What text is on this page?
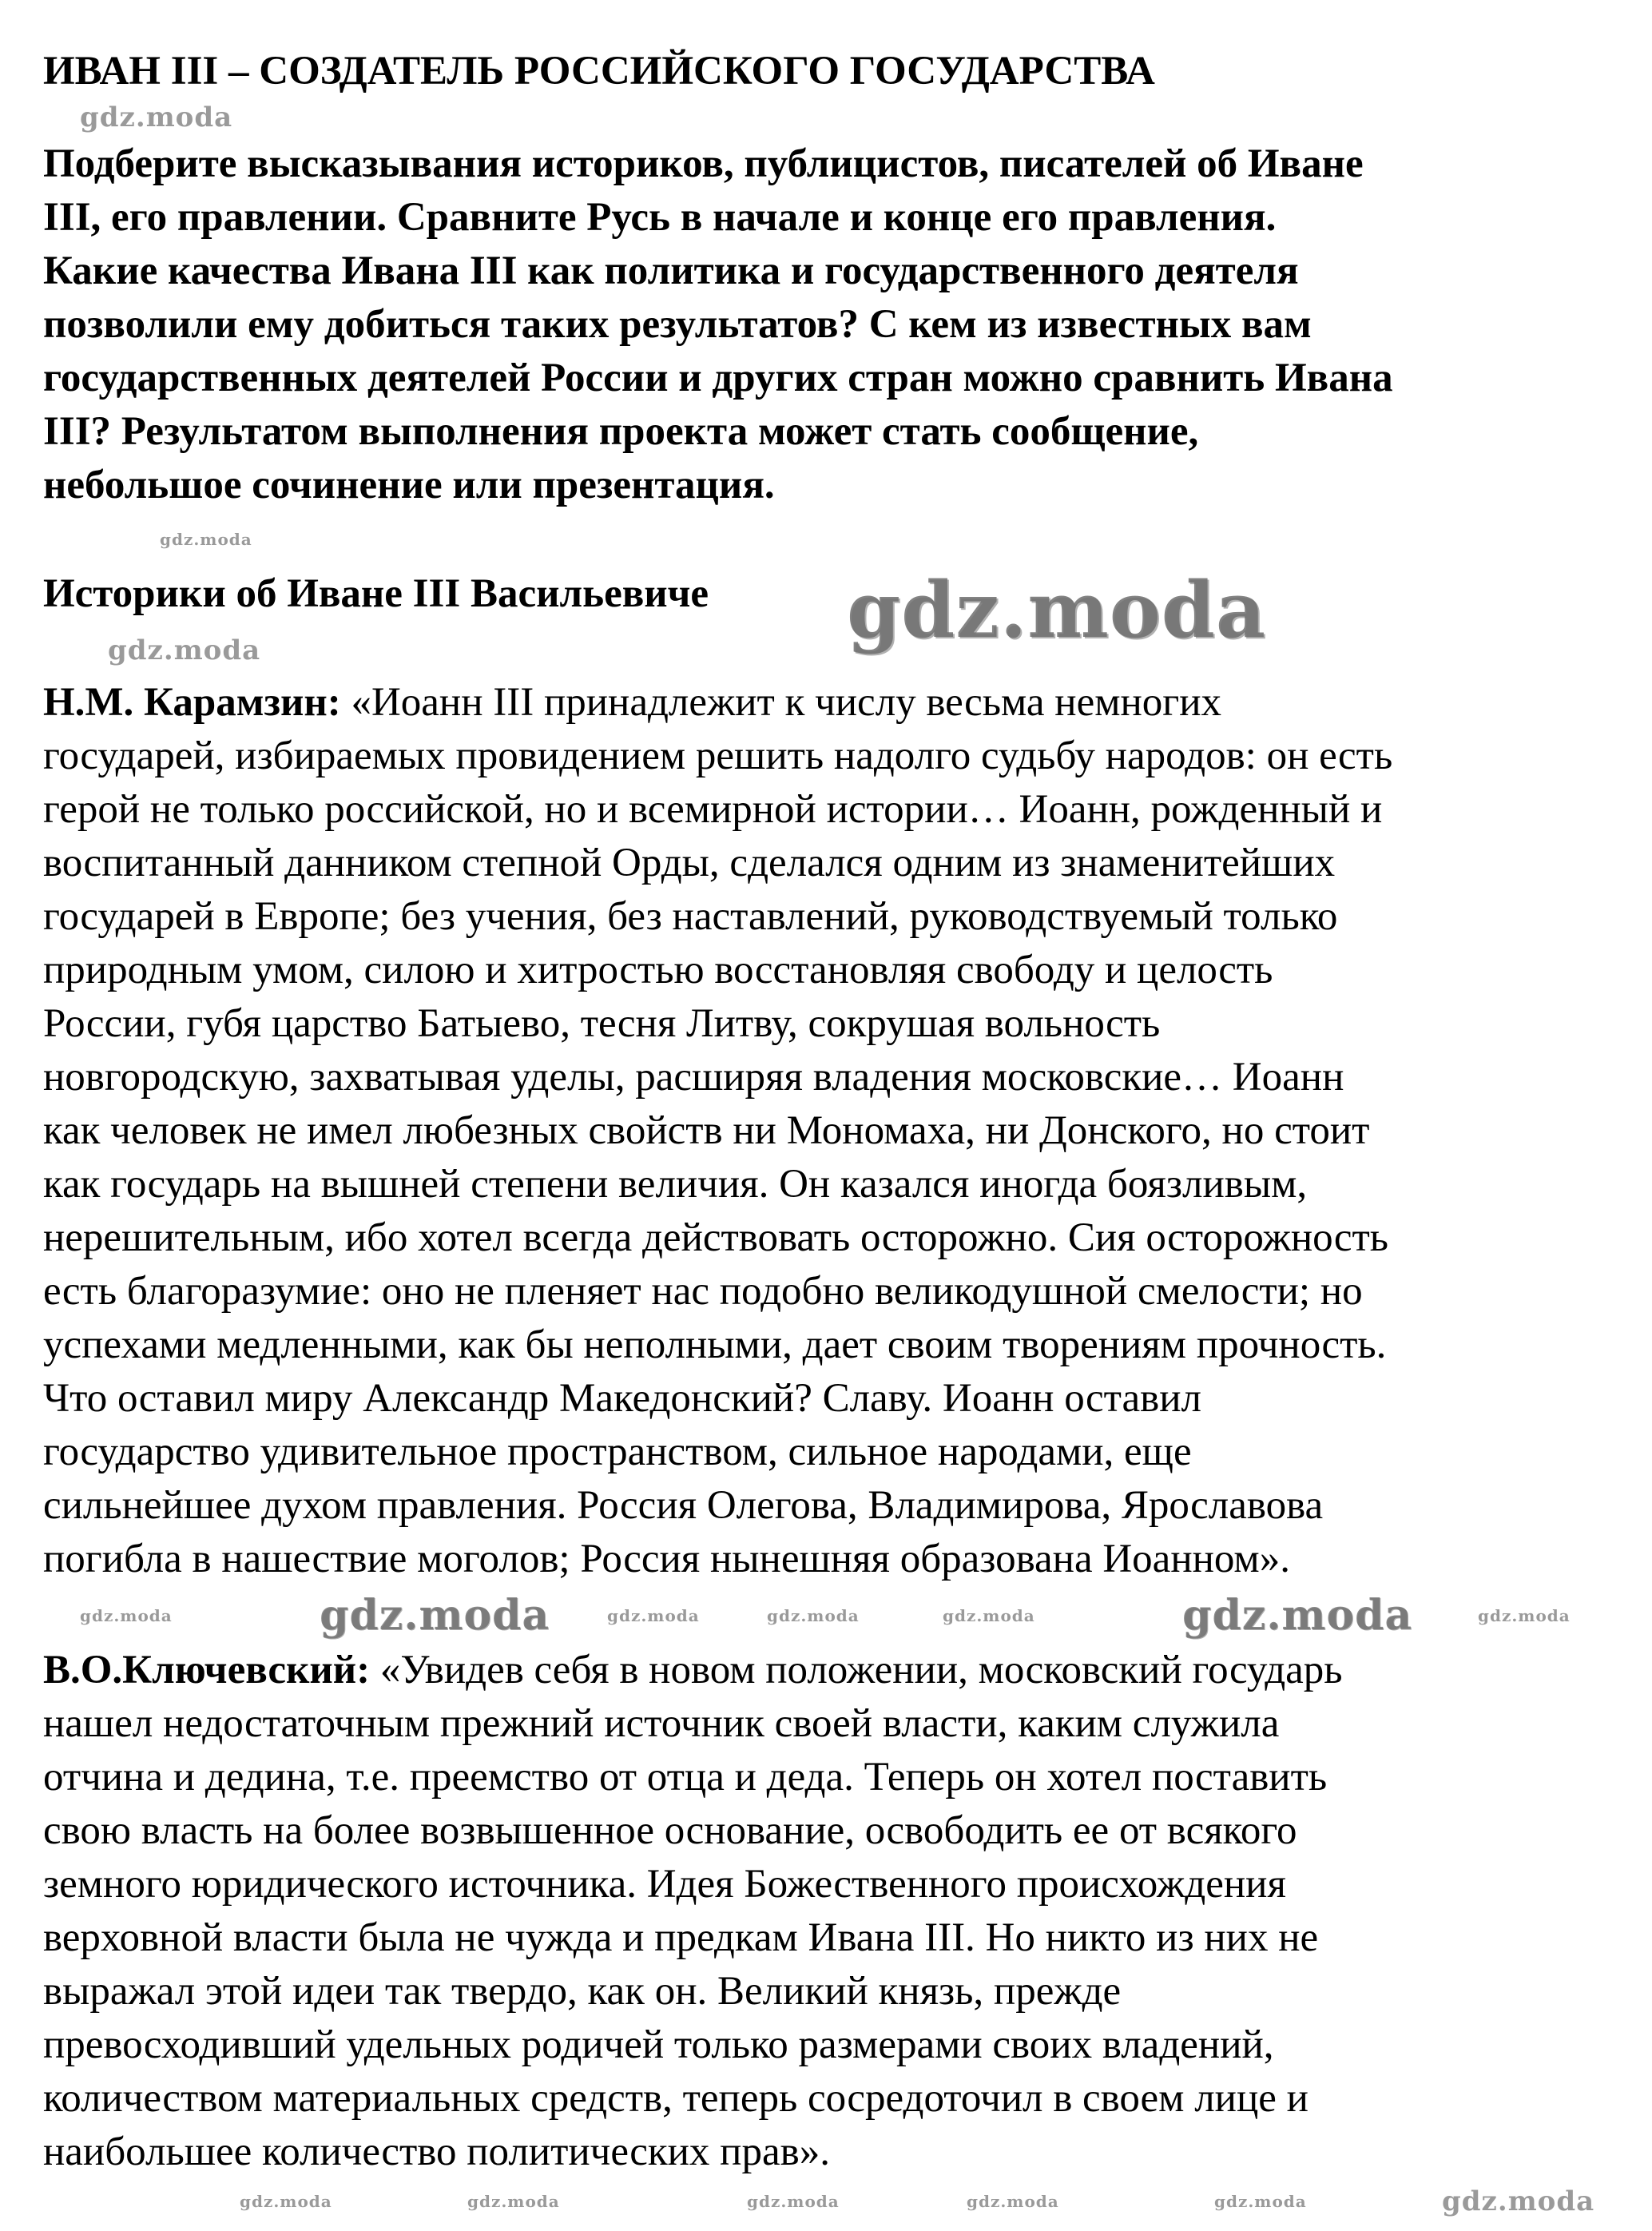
ИВАН III – СОЗДАТЕЛЬ РОССИЙСКОГО ГОСУДАРСТВА
Подберите высказывания историков, публицистов, писателей об Иване
III, его правлении. Сравните Русь в начале и конце его правления.
Какие качества Ивана III как политика и государственного деятеля
позволили ему добиться таких результатов? С кем из известных вам
государственных деятелей России и других стран можно сравнить Ивана
III? Результатом выполнения проекта может стать сообщение,
небольшое сочинение или презентация.
Историки об Иване III Васильевиче
Н.М. Карамзин: «Иоанн III принадлежит к числу весьма немногих
государей, избираемых провидением решить надолго судьбу народов: он есть
герой не только российской, но и всемирной истории… Иоанн, рожденный и
воспитанный данником степной Орды, сделался одним из знаменитейших
государей в Европе; без учения, без наставлений, руководствуемый только
природным умом, силою и хитростью восстановляя свободу и целость
России, губя царство Батыево, тесня Литву, сокрушая вольность
новгородскую, захватывая уделы, расширяя владения московские… Иоанн
как человек не имел любезных свойств ни Мономаха, ни Донского, но стоит
как государь на вышней степени величия. Он казался иногда боязливым,
нерешительным, ибо хотел всегда действовать осторожно. Сия осторожность
есть благоразумие: оно не пленяет нас подобно великодушной смелости; но
успехами медленными, как бы неполными, дает своим творениям прочность.
Что оставил миру Александр Македонский? Славу. Иоанн оставил
государство удивительное пространством, сильное народами, еще
сильнейшее духом правления. Россия Олегова, Владимирова, Ярославова
погибла в нашествие моголов; Россия нынешняя образована Иоанном».
В.О.Ключевский: «Увидев себя в новом положении, московский государь
нашел недостаточным прежний источник своей власти, каким служила
отчина и дедина, т.е. преемство от отца и деда. Теперь он хотел поставить
свою власть на более возвышенное основание, освободить ее от всякого
земного юридического источника. Идея Божественного происхождения
верховной власти была не чужда и предкам Ивана III. Но никто из них не
выражал этой идеи так твердо, как он. Великий князь, прежде
превосходивший удельных родичей только размерами своих владений,
количеством материальных средств, теперь сосредоточил в своем лице и
наибольшее количество политических прав».
gdz.moda
gdz.moda
gdz.moda
gdz.moda
gdz.moda	gdz.moda	gdz.moda	gdz.moda	gdz.moda
gdz.moda	gdz.moda
gdz.moda	gdz.moda	gdz.moda	gdz.moda	gdz.moda	gdz.moda
